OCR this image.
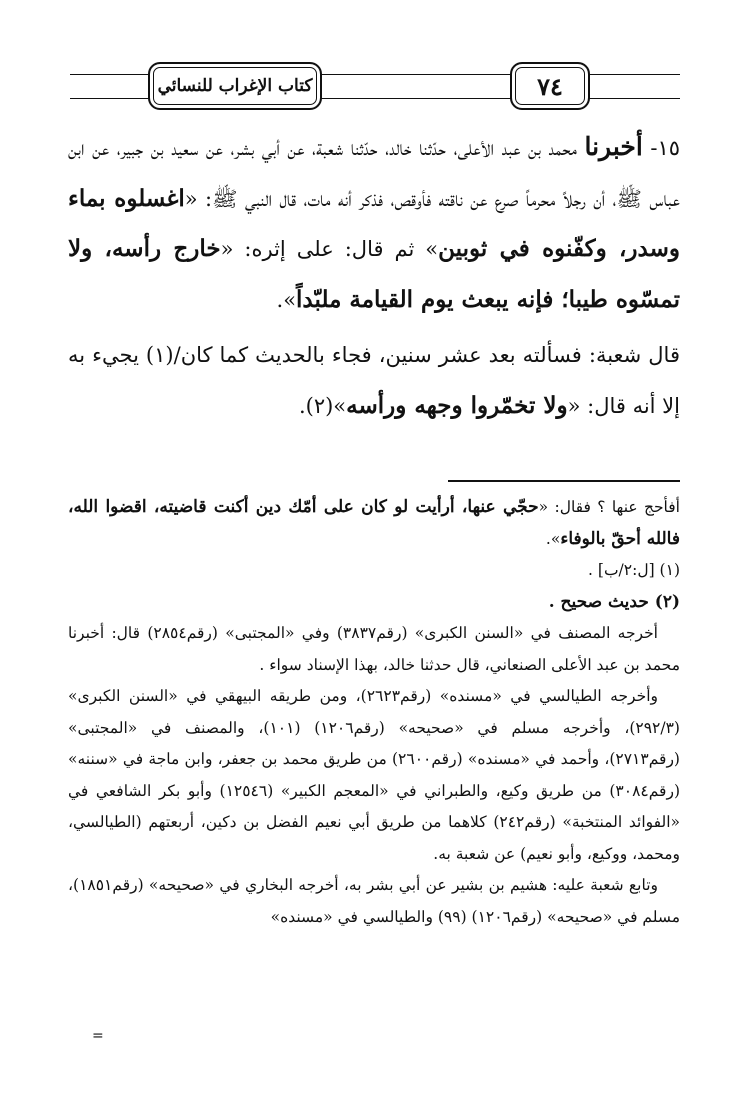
كتاب الإغراب للنسائي	٧٤

١٥- أخبرنا محمد بن عبد الأعلى، حدّثنا خالد، حدّثنا شعبة، عن أبي بشر، عن سعيد بن جبير، عن ابن عباس ﷺ، أن رجلاً محرماً صرع عن ناقته فأوقص، فذكر أنه مات، قال النبي ﷺ: «اغسلوه بماء وسدر، وكفّنوه في ثوبين» ثم قال: على إثره: «خارج رأسه، ولا تمسّوه طيبا؛ فإنه يبعث يوم القيامة ملبّداً».

قال شعبة: فسألته بعد عشر سنين، فجاء بالحديث كما كان/(١) يجيء به إلا أنه قال: «ولا تخمّروا وجهه ورأسه»(٢).

أفأحج عنها ؟ فقال: «حجّي عنها، أرأيت لو كان على أمّك دين أكنت قاضيته، اقضوا الله، فالله أحقّ بالوفاء».

(١) [ل:٢/ب] .

(٢) حديث صحيح .

أخرجه المصنف في «السنن الكبرى» (رقم٣٨٣٧) وفي «المجتبى» (رقم٢٨٥٤) قال: أخبرنا محمد بن عبد الأعلى الصنعاني، قال حدثنا خالد، بهذا الإسناد سواء .

وأخرجه الطيالسي في «مسنده» (رقم٢٦٢٣)، ومن طريقه البيهقي في «السنن الكبرى» (٢٩٢/٣)، وأخرجه مسلم في «صحيحه» (رقم١٢٠٦) (١٠١)، والمصنف في «المجتبى» (رقم٢٧١٣)، وأحمد في «مسنده» (رقم٢٦٠٠) من طريق محمد بن جعفر، وابن ماجة في «سننه» (رقم٣٠٨٤) من طريق وكيع، والطبراني في «المعجم الكبير» (١٢٥٤٦) وأبو بكر الشافعي في «الفوائد المنتخبة» (رقم٢٤٢) كلاهما من طريق أبي نعيم الفضل بن دكين، أربعتهم (الطيالسي، ومحمد، ووكيع، وأبو نعيم) عن شعبة به.

وتابع شعبة عليه: هشيم بن بشير عن أبي بشر به، أخرجه البخاري في «صحيحه» (رقم١٨٥١)، مسلم في «صحيحه» (رقم١٢٠٦) (٩٩) والطيالسي في «مسنده»

=
